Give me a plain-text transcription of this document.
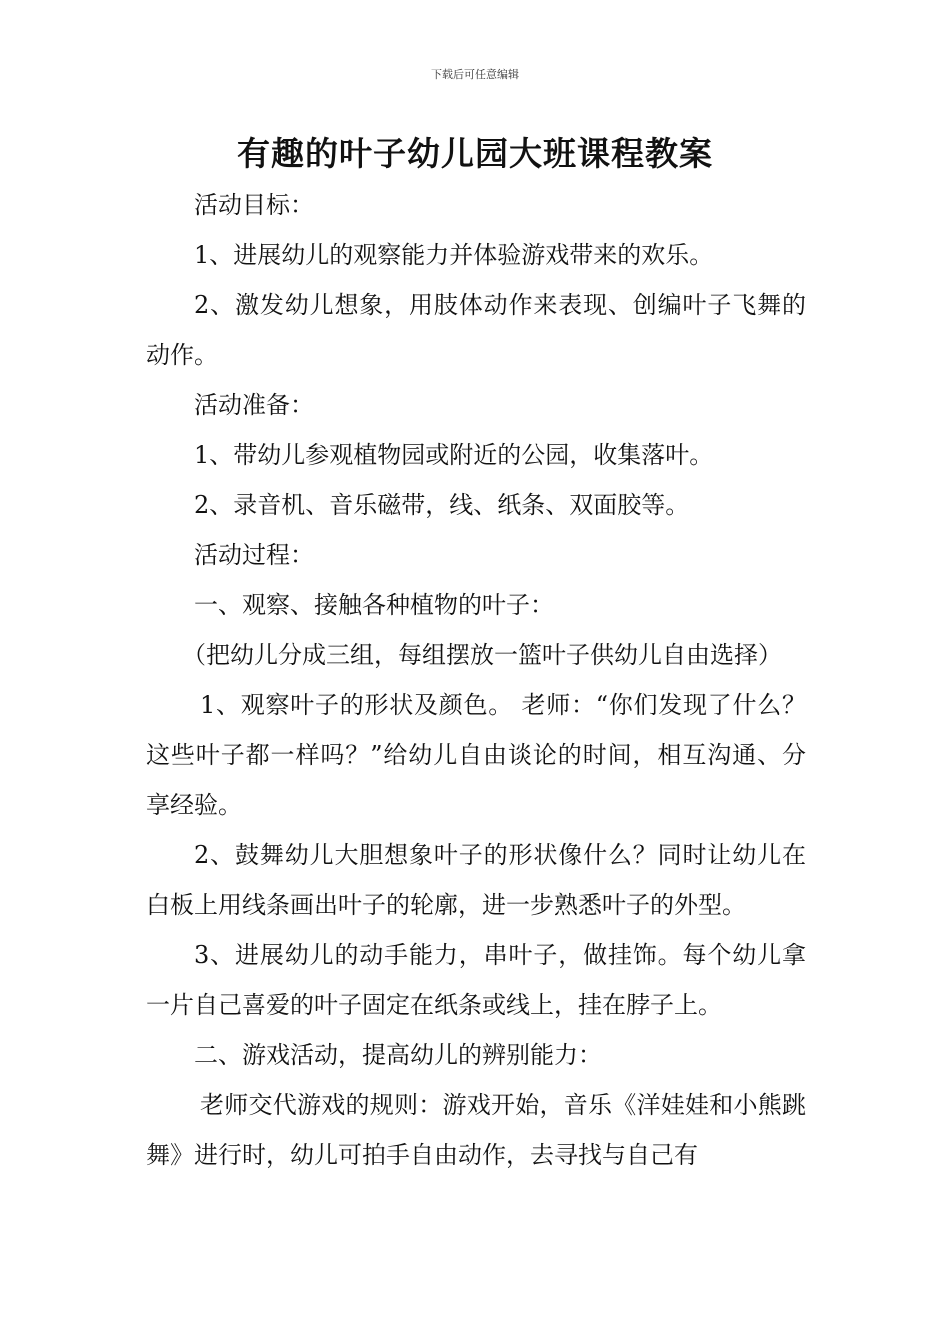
下载后可任意编辑
有趣的叶子幼儿园大班课程教案

活动目标：

1、进展幼儿的观察能力并体验游戏带来的欢乐。

2、激发幼儿想象，用肢体动作来表现、创编叶子飞舞的动作。

活动准备：

1、带幼儿参观植物园或附近的公园，收集落叶。

2、录音机、音乐磁带，线、纸条、双面胶等。

活动过程：

一、观察、接触各种植物的叶子：

（把幼儿分成三组，每组摆放一篮叶子供幼儿自由选择）

1、观察叶子的形状及颜色。 老师：“你们发现了什么？这些叶子都一样吗？”给幼儿自由谈论的时间，相互沟通、分享经验。

2、鼓舞幼儿大胆想象叶子的形状像什么？同时让幼儿在白板上用线条画出叶子的轮廓，进一步熟悉叶子的外型。

3、进展幼儿的动手能力，串叶子，做挂饰。每个幼儿拿一片自己喜爱的叶子固定在纸条或线上，挂在脖子上。

二、游戏活动，提高幼儿的辨别能力：

老师交代游戏的规则：游戏开始，音乐《洋娃娃和小熊跳舞》进行时，幼儿可拍手自由动作，去寻找与自己有
